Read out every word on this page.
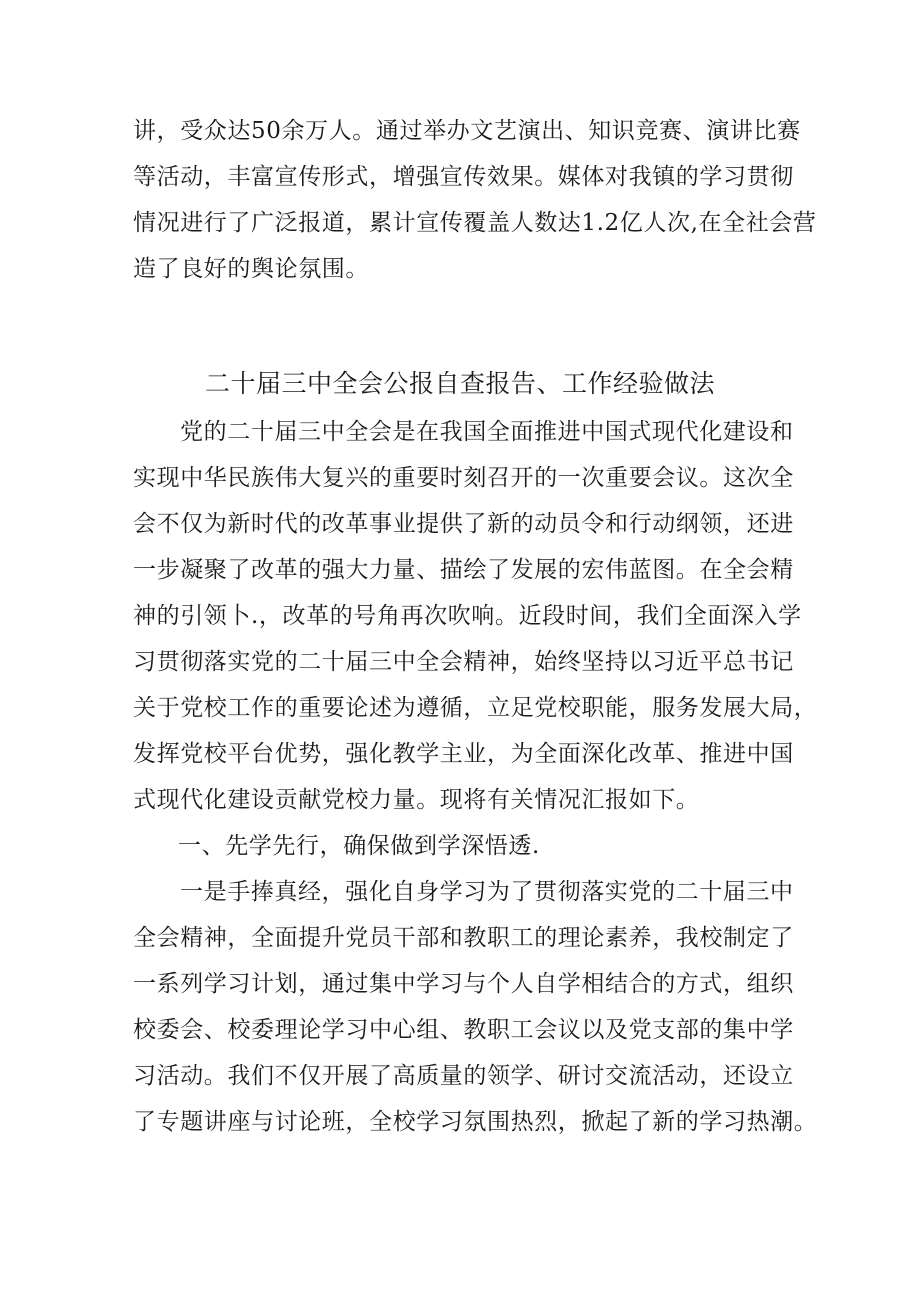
讲，受众达50余万人。通过举办文艺演出、知识竞赛、演讲比赛
等活动，丰富宣传形式，增强宣传效果。媒体对我镇的学习贯彻
情况进行了广泛报道，累计宣传覆盖人数达1.2亿人次,在全社会营
造了良好的舆论氛围。
二十届三中全会公报自查报告、工作经验做法
党的二十届三中全会是在我国全面推进中国式现代化建设和
实现中华民族伟大复兴的重要时刻召开的一次重要会议。这次全
会不仅为新时代的改革事业提供了新的动员令和行动纲领，还进
一步凝聚了改革的强大力量、描绘了发展的宏伟蓝图。在全会精
神的引领卜.，改革的号角再次吹响。近段时间，我们全面深入学
习贯彻落实党的二十届三中全会精神，始终坚持以习近平总书记
关于党校工作的重要论述为遵循，立足党校职能，服务发展大局，
发挥党校平台优势，强化教学主业，为全面深化改革、推进中国
式现代化建设贡献党校力量。现将有关情况汇报如下。
一、先学先行，确保做到学深悟透.
一是手捧真经，强化自身学习为了贯彻落实党的二十届三中
全会精神，全面提升党员干部和教职工的理论素养，我校制定了
一系列学习计划，通过集中学习与个人自学相结合的方式，组织
校委会、校委理论学习中心组、教职工会议以及党支部的集中学
习活动。我们不仅开展了高质量的领学、研讨交流活动，还设立
了专题讲座与讨论班，全校学习氛围热烈，掀起了新的学习热潮。
